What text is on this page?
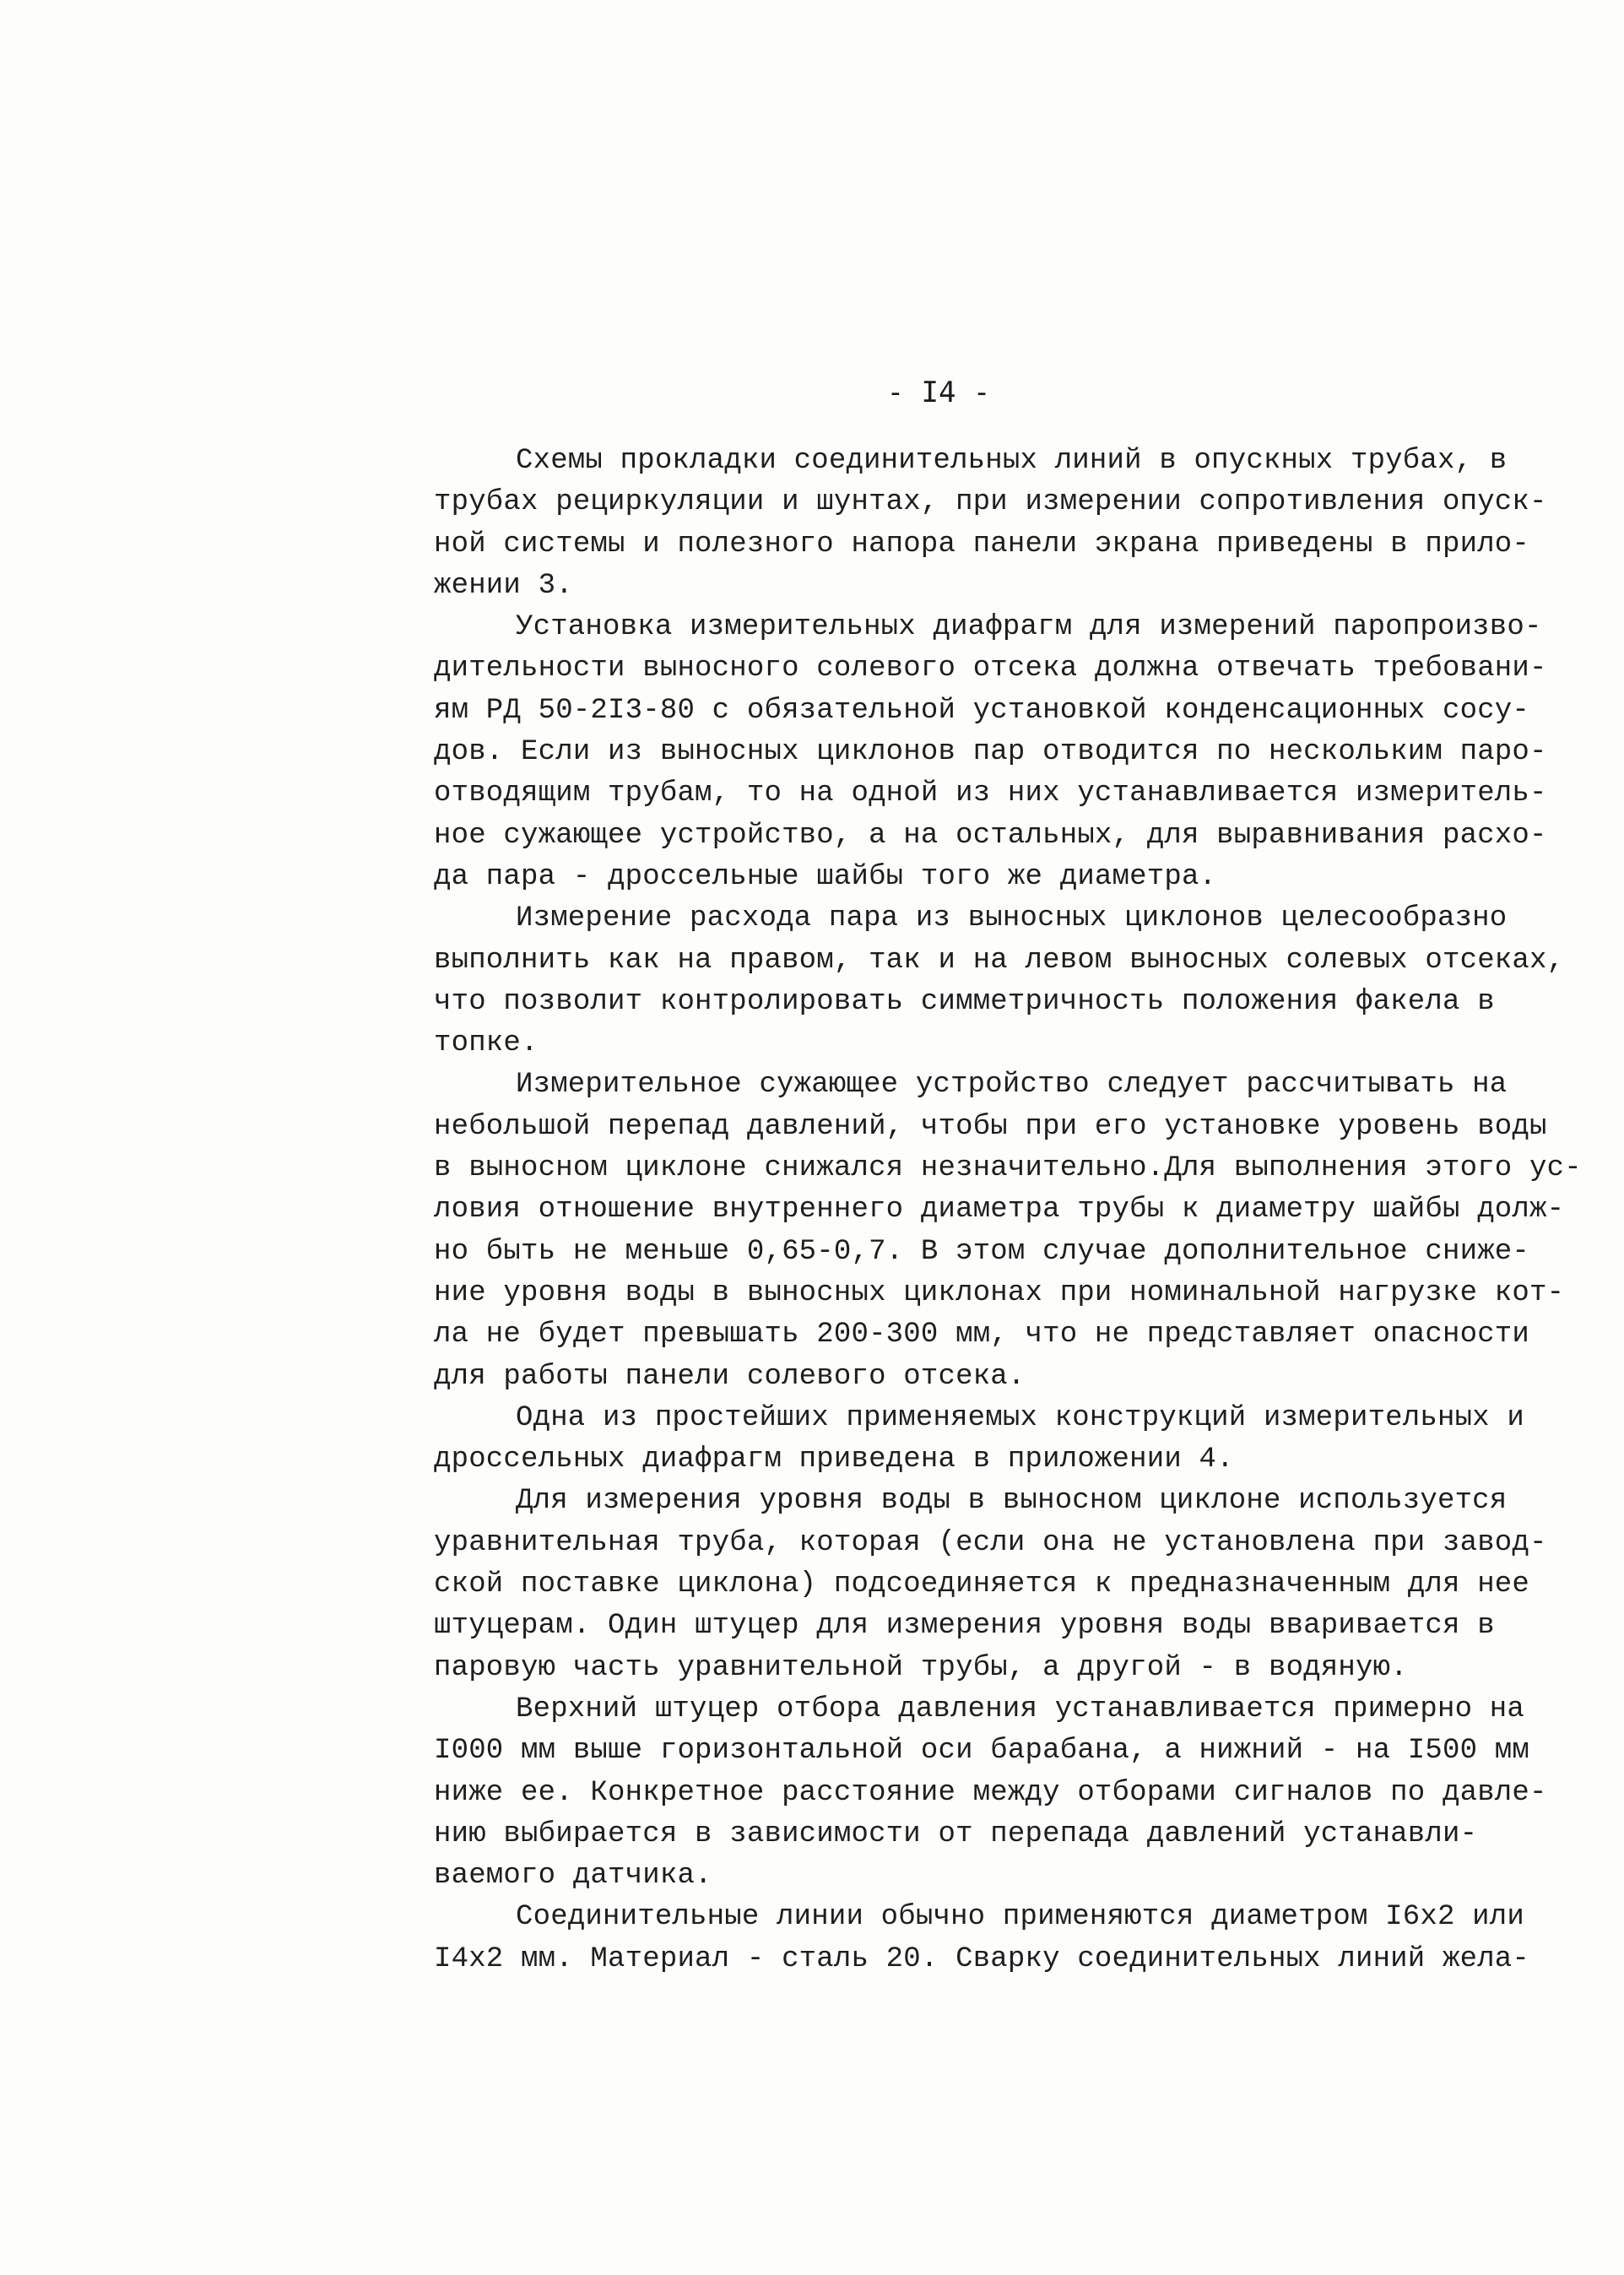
- I4 -
Схемы прокладки соединительных линий в опускных трубах, в
трубах рециркуляции и шунтах, при измерении сопротивления опуск-
ной системы и полезного напора панели экрана приведены в прило-
жении 3.
Установка измерительных диафрагм для измерений паропроизво-
дительности выносного солевого отсека должна отвечать требовани-
ям РД 50-2I3-80 с обязательной установкой конденсационных сосу-
дов. Если из выносных циклонов пар отводится по нескольким паро-
отводящим трубам, то на одной из них устанавливается измеритель-
ное сужающее устройство, а на остальных, для выравнивания расхо-
да пара - дроссельные шайбы того же диаметра.
Измерение расхода пара из выносных циклонов целесообразно
выполнить как на правом, так и на левом выносных солевых отсеках,
что позволит контролировать симметричность положения факела в
топке.
Измерительное сужающее устройство следует рассчитывать на
небольшой перепад давлений, чтобы при его установке уровень воды
в выносном циклоне снижался незначительно.Для выполнения этого ус-
ловия отношение внутреннего диаметра трубы к диаметру шайбы долж-
но быть не меньше 0,65-0,7. В этом случае дополнительное сниже-
ние уровня воды в выносных циклонах при номинальной нагрузке кот-
ла не будет превышать 200-300 мм, что не представляет опасности
для работы панели солевого отсека.
Одна из простейших применяемых конструкций измерительных и
дроссельных диафрагм приведена в приложении 4.
Для измерения уровня воды в выносном циклоне используется
уравнительная труба, которая (если она не установлена при завод-
ской поставке циклона) подсоединяется к предназначенным для нее
штуцерам. Один штуцер для измерения уровня воды вваривается в
паровую часть уравнительной трубы, а другой - в водяную.
Верхний штуцер отбора давления устанавливается примерно на
I000 мм выше горизонтальной оси барабана, а нижний - на I500 мм
ниже ее. Конкретное расстояние между отборами сигналов по давле-
нию выбирается в зависимости от перепада давлений устанавли-
ваемого датчика.
Соединительные линии обычно применяются диаметром I6x2 или
I4x2 мм. Материал - сталь 20. Сварку соединительных линий жела-
